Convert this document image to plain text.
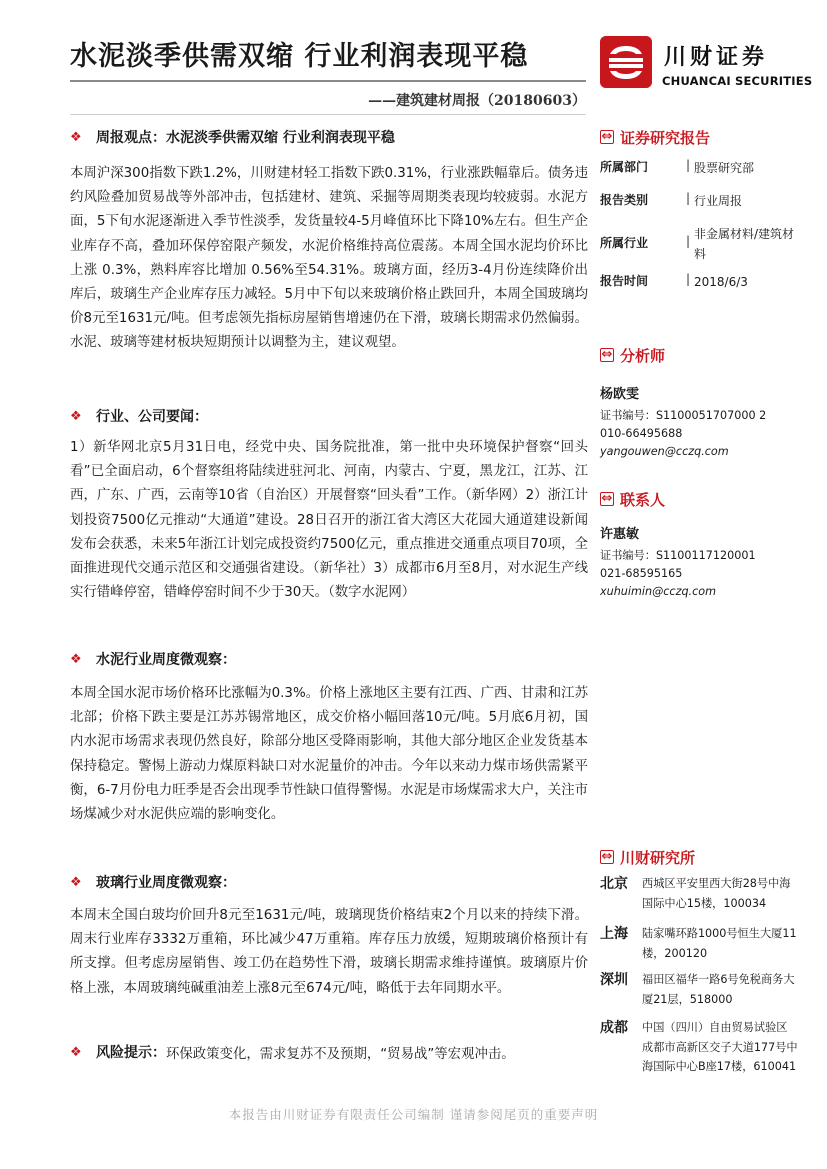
水泥淡季供需双缩 行业利润表现平稳
——建筑建材周报（20180603）
川财证券
CHUANCAI SECURITIES
❖	周报观点：水泥淡季供需双缩 行业利润表现平稳
本周沪深300指数下跌1.2%，川财建材轻工指数下跌0.31%，行业涨跌幅靠后。债务违约风险叠加贸易战等外部冲击，包括建材、建筑、采掘等周期类表现均较疲弱。水泥方面，5下旬水泥逐渐进入季节性淡季，发货量较4-5月峰值环比下降10%左右。但生产企业库存不高，叠加环保停窑限产频发，水泥价格维持高位震荡。本周全国水泥均价环比上涨 0.3%，熟料库容比增加 0.56%至54.31%。玻璃方面，经历3-4月份连续降价出库后，玻璃生产企业库存压力减轻。5月中下旬以来玻璃价格止跌回升，本周全国玻璃均价8元至1631元/吨。但考虑领先指标房屋销售增速仍在下滑，玻璃长期需求仍然偏弱。水泥、玻璃等建材板块短期预计以调整为主，建议观望。
❖	行业、公司要闻：
1）新华网北京5月31日电，经党中央、国务院批准，第一批中央环境保护督察“回头看”已全面启动，6个督察组将陆续进驻河北、河南，内蒙古、宁夏，黑龙江，江苏、江西，广东、广西，云南等10省（自治区）开展督察“回头看”工作。（新华网）2）浙江计划投资7500亿元推动“大通道”建设。28日召开的浙江省大湾区大花园大通道建设新闻发布会获悉，未来5年浙江计划完成投资约7500亿元，重点推进交通重点项目70项，全面推进现代交通示范区和交通强省建设。（新华社）3）成都市6月至8月，对水泥生产线实行错峰停窑，错峰停窑时间不少于30天。（数字水泥网）
❖	水泥行业周度微观察：
本周全国水泥市场价格环比涨幅为0.3%。价格上涨地区主要有江西、广西、甘肃和江苏北部；价格下跌主要是江苏苏锡常地区，成交价格小幅回落10元/吨。5月底6月初，国内水泥市场需求表现仍然良好，除部分地区受降雨影响，其他大部分地区企业发货基本保持稳定。警惕上游动力煤原料缺口对水泥量价的冲击。今年以来动力煤市场供需紧平衡，6-7月份电力旺季是否会出现季节性缺口值得警惕。水泥是市场煤需求大户，关注市场煤减少对水泥供应端的影响变化。
❖	玻璃行业周度微观察：
本周末全国白玻均价回升8元至1631元/吨，玻璃现货价格结束2个月以来的持续下滑。周末行业库存3332万重箱，环比减少47万重箱。库存压力放缓，短期玻璃价格预计有所支撑。但考虑房屋销售、竣工仍在趋势性下滑，玻璃长期需求维持谨慎。玻璃原片价格上涨，本周玻璃纯碱重油差上涨8元至674元/吨，略低于去年同期水平。
❖	风险提示： 环保政策变化，需求复苏不及预期，“贸易战”等宏观冲击。
⇔ 证券研究报告
所属部门	| 股票研究部
报告类别	| 行业周报
所属行业	| 非金属材料/建筑材料
报告时间	| 2018/6/3
⇔ 分析师
杨欧雯
证书编号：S1100051707000 2
010-66495688
yangouwen@cczq.com
⇔ 联系人
许惠敏
证书编号：S1100117120001
021-68595165
xuhuimin@cczq.com
⇔ 川财研究所
北京	西城区平安里西大街28号中海国际中心15楼，100034
上海	陆家嘴环路1000号恒生大厦11楼，200120
深圳	福田区福华一路6号免税商务大厦21层，518000
成都	中国（四川）自由贸易试验区成都市高新区交子大道177号中海国际中心B座17楼，610041
本报告由川财证券有限责任公司编制 谨请参阅尾页的重要声明
